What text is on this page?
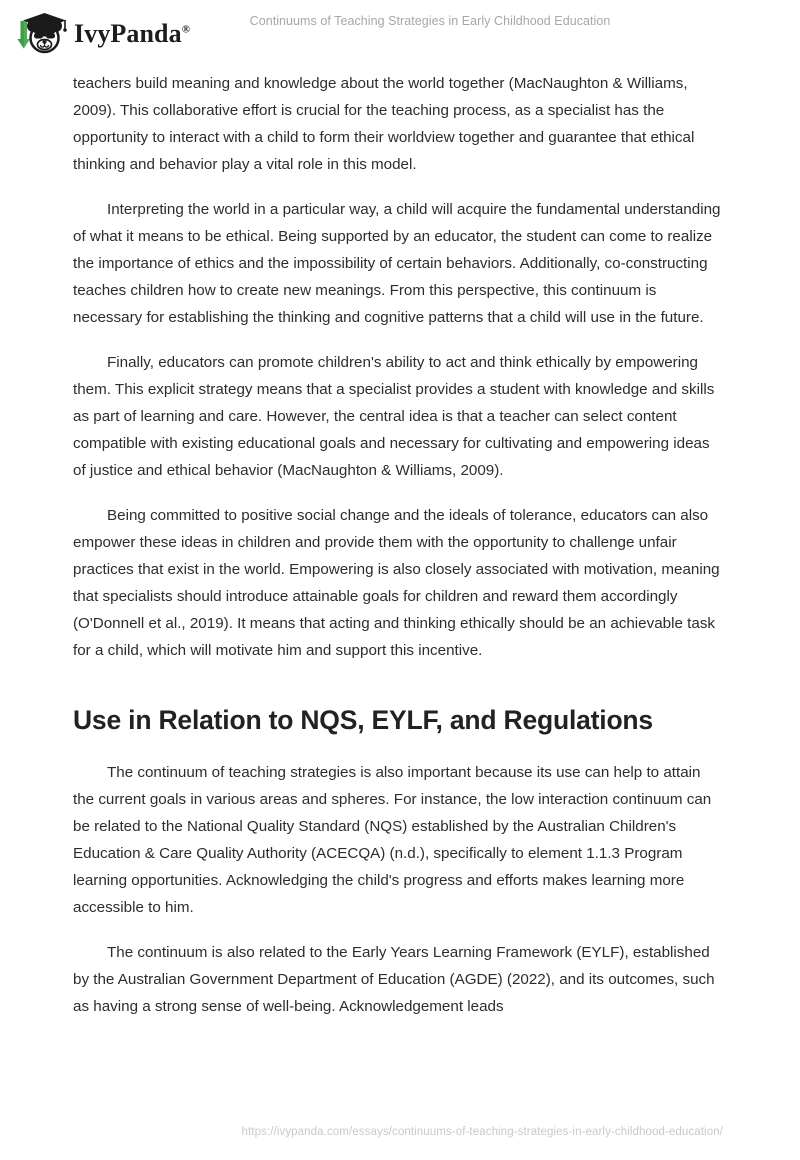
IvyPanda®
Continuums of Teaching Strategies in Early Childhood Education

teachers build meaning and knowledge about the world together (MacNaughton & Williams, 2009). This collaborative effort is crucial for the teaching process, as a specialist has the opportunity to interact with a child to form their worldview together and guarantee that ethical thinking and behavior play a vital role in this model.

Interpreting the world in a particular way, a child will acquire the fundamental understanding of what it means to be ethical. Being supported by an educator, the student can come to realize the importance of ethics and the impossibility of certain behaviors. Additionally, co-constructing teaches children how to create new meanings. From this perspective, this continuum is necessary for establishing the thinking and cognitive patterns that a child will use in the future.

Finally, educators can promote children's ability to act and think ethically by empowering them. This explicit strategy means that a specialist provides a student with knowledge and skills as part of learning and care. However, the central idea is that a teacher can select content compatible with existing educational goals and necessary for cultivating and empowering ideas of justice and ethical behavior (MacNaughton & Williams, 2009).

Being committed to positive social change and the ideals of tolerance, educators can also empower these ideas in children and provide them with the opportunity to challenge unfair practices that exist in the world. Empowering is also closely associated with motivation, meaning that specialists should introduce attainable goals for children and reward them accordingly (O'Donnell et al., 2019). It means that acting and thinking ethically should be an achievable task for a child, which will motivate him and support this incentive.

Use in Relation to NQS, EYLF, and Regulations

The continuum of teaching strategies is also important because its use can help to attain the current goals in various areas and spheres. For instance, the low interaction continuum can be related to the National Quality Standard (NQS) established by the Australian Children's Education & Care Quality Authority (ACECQA) (n.d.), specifically to element 1.1.3 Program learning opportunities. Acknowledging the child's progress and efforts makes learning more accessible to him.

The continuum is also related to the Early Years Learning Framework (EYLF), established by the Australian Government Department of Education (AGDE) (2022), and its outcomes, such as having a strong sense of well-being. Acknowledgement leads

https://ivypanda.com/essays/continuums-of-teaching-strategies-in-early-childhood-education/
